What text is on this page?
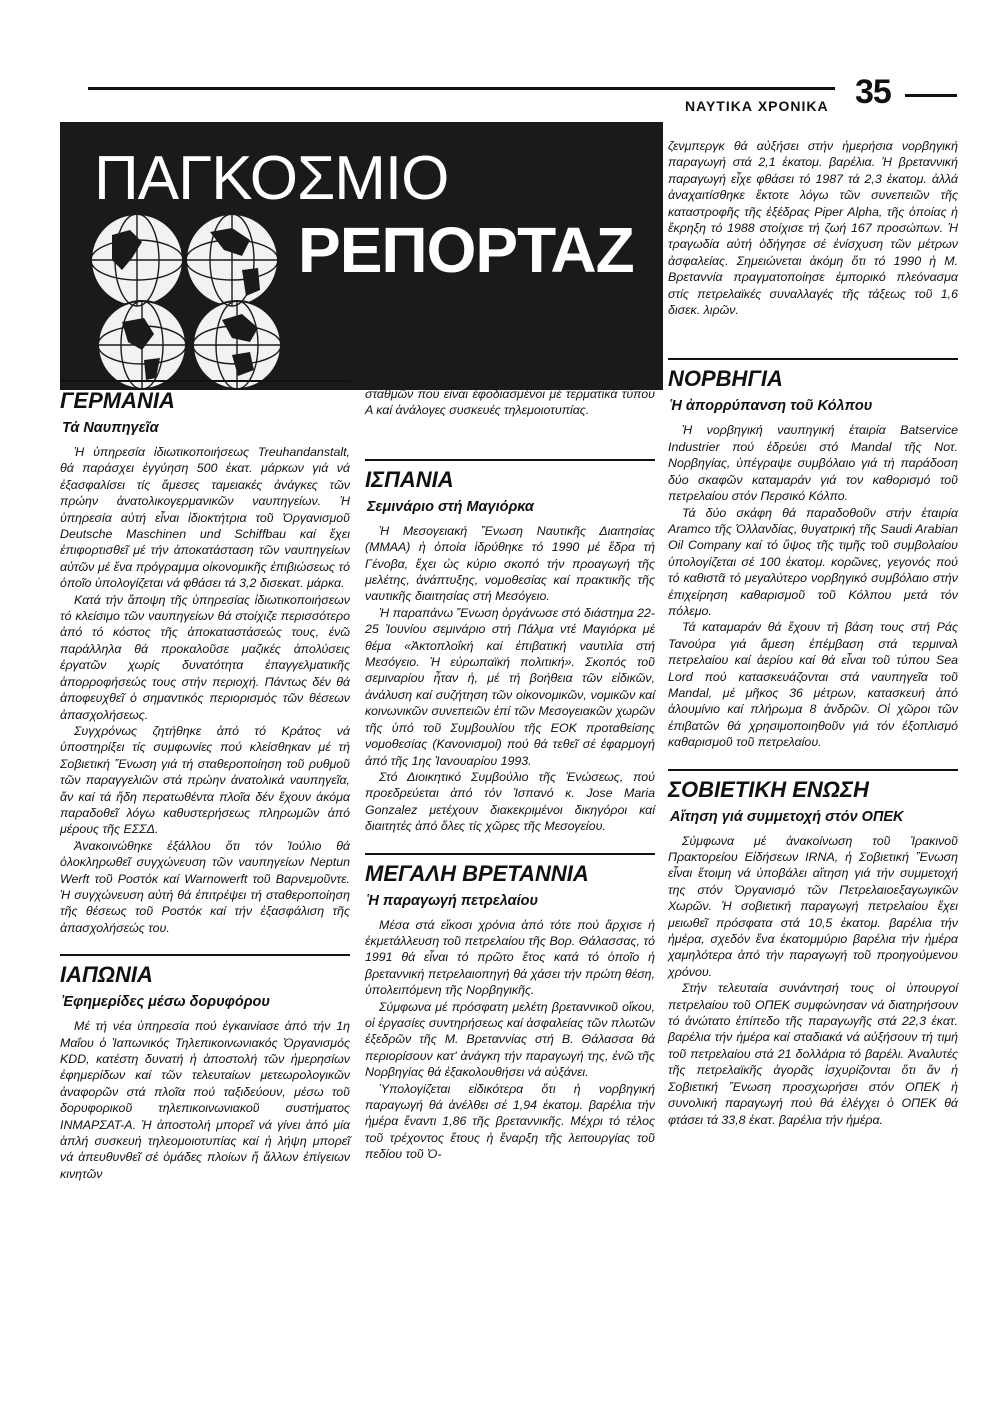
ΝΑΥΤΙΚΑ ΧΡΟΝΙΚΑ 35
ΠΑΓΚΟΣΜΙΟ
ΡΕΠΟΡΤΑΖ
ΓΕΡΜΑΝΙΑ
Τά Ναυπηγεῖα

Ἡ ὑπηρεσία ἰδιωτικοποιήσεως Treuhandanstalt, θά παράσχει ἐγγύηση 500 ἑκατ. μάρκων γιά νά ἐξασφαλίσει τίς ἄμεσες ταμειακές ἀνάγκες τῶν πρώην ἀνατολικογερμανικῶν ναυπηγείων. Ἡ ὑπηρεσία αὐτή εἶναι ἰδιοκτήτρια τοῦ Ὀργανισμοῦ Deutsche Maschinen und Schiffbau καί ἔχει ἐπιφορτισθεῖ μέ τήν ἀποκατάσταση τῶν ναυπηγείων αὐτῶν μέ ἕνα πρόγραμμα οἰκονομικῆς ἐπιβιώσεως τό ὁποῖο ὑπολογίζεται νά φθάσει τά 3,2 δισεκατ. μάρκα.

Κατά τήν ἄποψη τῆς ὑπηρεσίας ἰδιωτικοποιήσεων τό κλείσιμο τῶν ναυπηγείων θά στοίχιζε περισσότερο ἀπό τό κόστος τῆς ἀποκαταστάσεώς τους, ἐνῶ παράλληλα θά προκαλοῦσε μαζικές ἀπολύσεις ἐργατῶν χωρίς δυνατότητα ἐπαγγελματικῆς ἀπορροφήσεώς τους στήν περιοχή. Πάντως δέν θά ἀποφευχθεῖ ὁ σημαντικός περιορισμός τῶν θέσεων ἀπασχολήσεως.

Συγχρόνως ζητήθηκε ἀπό τό Κράτος νά ὑποστηρίξει τίς συμφωνίες πού κλείσθηκαν μέ τή Σοβιετική Ἕνωση γιά τή σταθεροποίηση τοῦ ρυθμοῦ τῶν παραγγελιῶν στά πρώην ἀνατολικά ναυπηγεῖα, ἄν καί τά ἤδη περατωθέντα πλοῖα δέν ἔχουν ἀκόμα παραδοθεῖ λόγω καθυστερήσεως πληρωμῶν ἀπό μέρους τῆς ΕΣΣΔ.

Ἀνακοινώθηκε ἐξάλλου ὅτι τόν Ἰούλιο θά ὁλοκληρωθεῖ συγχώνευση τῶν ναυπηγείων Neptun Werft τοῦ Ροστόκ καί Warnowerft τοῦ Βαρνεμοῦντε. Ἡ συγχώνευση αὐτή θά ἐπιτρέψει τή σταθεροποίηση τῆς θέσεως τοῦ Ροστόκ καί τήν ἐξασφάλιση τῆς ἀπασχολήσεώς του.

ΙΑΠΩΝΙΑ
Ἐφημερίδες μέσω δορυφόρου

Μέ τή νέα ὑπηρεσία πού ἐγκαινίασε ἀπό τήν 1η Μαΐου ὁ Ἰαπωνικός Τηλεπικοινωνιακός Ὀργανισμός KDD, κατέστη δυνατή ἡ ἀποστολή τῶν ἡμερησίων ἐφημερίδων καί τῶν τελευταίων μετεωρολογικῶν ἀναφορῶν στά πλοῖα πού ταξιδεύουν, μέσω τοῦ δορυφορικοῦ τηλεπικοινωνιακοῦ συστήματος ΙΝΜΑΡΣΑΤ-Α. Ἡ ἀποστολή μπορεῖ νά γίνει ἀπό μία ἁπλή συσκευή τηλεομοιοτυπίας καί ἡ λήψη μπορεῖ νά ἀπευθυνθεῖ σέ ὁμάδες πλοίων ἤ ἄλλων ἐπίγειων κινητῶν

σταθμῶν πού εἶναι ἐφοδιασμένοι μέ τερματικά τύπου Α καί ἀνάλογες συσκευές τηλεμοιοτυπίας.

ΙΣΠΑΝΙΑ
Σεμινάριο στή Μαγιόρκα

Ἡ Μεσογειακή Ἕνωση Ναυτικῆς Διαιτησίας (ΜΜΑΑ) ἡ ὁποία ἱδρύθηκε τό 1990 μέ ἕδρα τή Γένοβα, ἔχει ὡς κύριο σκοπό τήν προαγωγή τῆς μελέτης, ἀνάπτυξης, νομοθεσίας καί πρακτικῆς τῆς ναυτικῆς διαιτησίας στή Μεσόγειο.

Ἡ παραπάνω Ἕνωση ὀργάνωσε στό διάστημα 22-25 Ἰουνίου σεμινάριο στή Πάλμα ντέ Μαγιόρκα μέ θέμα «Ἀκτοπλοΐκή καί ἐπιβατική ναυτιλία στή Μεσόγειο. Ἡ εὐρωπαϊκή πολιτική». Σκοπός τοῦ σεμιναρίου ἦταν ἡ, μέ τή βοήθεια τῶν εἰδικῶν, ἀνάλυση καί συζήτηση τῶν οἰκονομικῶν, νομικῶν καί κοινωνικῶν συνεπειῶν ἐπί τῶν Μεσογειακῶν χωρῶν τῆς ὑπό τοῦ Συμβουλίου τῆς ΕΟΚ προταθείσης νομοθεσίας (Κανονισμοί) πού θά τεθεῖ σέ ἐφαρμογή ἀπό τῆς 1ης Ἰανουαρίου 1993.

Στό Διοικητικό Συμβούλιο τῆς Ἑνώσεως, πού προεδρεύεται ἀπό τόν Ἰσπανό κ. Jose Maria Gonzalez μετέχουν διακεκριμένοι δικηγόροι καί διαιτητές ἀπό ὅλες τίς χῶρες τῆς Μεσογείου.

ΜΕΓΑΛΗ ΒΡΕΤΑΝΝΙΑ
Ἡ παραγωγή πετρελαίου

Μέσα στά εἴκοσι χρόνια ἀπό τότε πού ἄρχισε ἡ ἐκμετάλλευση τοῦ πετρελαίου τῆς Βορ. Θάλασσας, τό 1991 θά εἶναι τό πρῶτο ἔτος κατά τό ὁποῖο ἡ βρεταννική πετρελαιοπηγή θά χάσει τήν πρώτη θέση, ὑπολειπόμενη τῆς Νορβηγικῆς.

Σύμφωνα μέ πρόσφατη μελέτη βρεταννικοῦ οἴκου, οἱ ἐργασίες συντηρήσεως καί ἀσφαλείας τῶν πλωτῶν ἐξεδρῶν τῆς Μ. Βρεταννίας στή Β. Θάλασσα θά περιορίσουν κατ' ἀνάγκη τήν παραγωγή της, ἐνῶ τῆς Νορβηγίας θά ἐξακολουθήσει νά αὐξάνει.

Ὑπολογίζεται εἰδικότερα ὅτι ἡ νορβηγική παραγωγή θά ἀνέλθει σέ 1,94 ἑκατομ. βαρέλια τήν ἡμέρα ἔναντι 1,86 τῆς βρεταννικῆς. Μέχρι τό τέλος τοῦ τρέχοντος ἔτους ἡ ἔναρξη τῆς λειτουργίας τοῦ πεδίου τοῦ Ὀ-

ζενμπεργκ θά αὐξήσει στήν ἡμερήσια νορβηγική παραγωγή στά 2,1 ἑκατομ. βαρέλια. Ἡ βρεταννική παραγωγή εἶχε φθάσει τό 1987 τά 2,3 ἑκατομ. ἀλλά ἀναχαιτίσθηκε ἔκτοτε λόγω τῶν συνεπειῶν τῆς καταστροφῆς τῆς ἐξέδρας Piper Alpha, τῆς ὁποίας ἡ ἔκρηξη τό 1988 στοίχισε τή ζωή 167 προσώπων. Ἡ τραγωδία αὐτή ὁδήγησε σέ ἐνίσχυση τῶν μέτρων ἀσφαλείας. Σημειώνεται ἀκόμη ὅτι τό 1990 ἡ Μ. Βρεταννία πραγματοποίησε ἐμπορικό πλεόνασμα στίς πετρελαϊκές συναλλαγές τῆς τάξεως τοῦ 1,6 δισεκ. λιρῶν.

ΝΟΡΒΗΓΙΑ
Ἡ ἀπορρύπανση τοῦ Κόλπου

Ἡ νορβηγική ναυπηγική ἑταιρία Batservice Industrier πού ἑδρεύει στό Mandal τῆς Νοτ. Νορβηγίας, ὑπέγραψε συμβόλαιο γιά τή παράδοση δύο σκαφῶν καταμαράν γιά τον καθορισμό τοῦ πετρελαίου στόν Περσικό Κόλπο.

Τά δύο σκάφη θά παραδοθοῦν στήν ἑταιρία Aramco τῆς Ὁλλανδίας, θυγατρική τῆς Saudi Arabian Oil Company καί τό ὕψος τῆς τιμῆς τοῦ συμβολαίου ὑπολογίζεται σέ 100 ἑκατομ. κορῶνες, γεγονός πού τό καθιστᾶ τό μεγαλύτερο νορβηγικό συμβόλαιο στήν ἐπιχείρηση καθαρισμοῦ τοῦ Κόλπου μετά τόν πόλεμο.

Τά καταμαράν θά ἔχουν τή βάση τους στή Ράς Τανούρα γιά ἄμεση ἐπέμβαση στά τερμιναλ πετρελαίου καί ἀερίου καί θά εἶναι τοῦ τύπου Sea Lord πού κατασκευάζονται στά ναυπηγεῖα τοῦ Mandal, μέ μῆκος 36 μέτρων, κατασκευή ἀπό ἀλουμίνιο καί πλήρωμα 8 ἀνδρῶν. Οἱ χῶροι τῶν ἐπιβατῶν θά χρησιμοποιηθοῦν γιά τόν ἐξοπλισμό καθαρισμοῦ τοῦ πετρελαίου.

ΣΟΒΙΕΤΙΚΗ ΕΝΩΣΗ
Αἴτηση γιά συμμετοχή στόν ΟΠΕΚ

Σύμφωνα μέ ἀνακοίνωση τοῦ Ἰρακινοῦ Πρακτορείου Εἰδήσεων IRNA, ἡ Σοβιετική Ἕνωση εἶναι ἕτοιμη νά ὑποβάλει αἴτηση γιά τήν συμμετοχή της στόν Ὀργανισμό τῶν Πετρελαιοεξαγωγικῶν Χωρῶν. Ἡ σοβιετική παραγωγή πετρελαίου ἔχει μειωθεῖ πρόσφατα στά 10,5 ἑκατομ. βαρέλια τήν ἡμέρα, σχεδόν ἕνα ἑκατομμύριο βαρέλια τήν ἡμέρα χαμηλότερα ἀπό τήν παραγωγή τοῦ προηγούμενου χρόνου.

Στήν τελευταία συνάντησή τους οἱ ὑπουργοί πετρελαίου τοῦ ΟΠΕΚ συμφώνησαν νά διατηρήσουν τό ἀνώτατο ἐπίπεδο τῆς παραγωγῆς στά 22,3 ἑκατ. βαρέλια τήν ἡμέρα καί σταδιακά νά αὐξήσουν τή τιμή τοῦ πετρελαίου στά 21 δολλάρια τό βαρέλι. Ἀναλυτές τῆς πετρελαϊκῆς ἀγορᾶς ἰσχυρίζονται ὅτι ἄν ἡ Σοβιετική Ἕνωση προσχωρήσει στόν ΟΠΕΚ ἡ συνολική παραγωγή πού θά ἐλέγχει ὁ ΟΠΕΚ θά φτάσει τά 33,8 ἑκατ. βαρέλια τήν ἡμέρα.
